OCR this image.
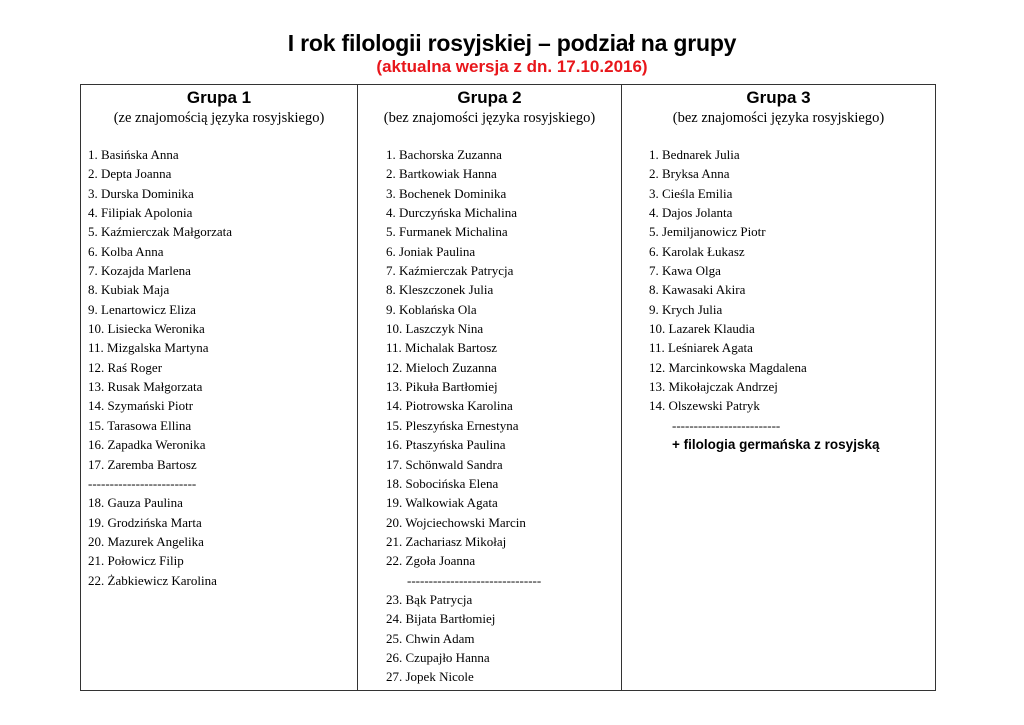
I rok filologii rosyjskiej – podział na grupy
(aktualna wersja z dn. 17.10.2016)
Grupa 1
(ze znajomością języka rosyjskiego)
1. Basińska Anna
2. Depta Joanna
3. Durska Dominika
4. Filipiak Apolonia
5. Kaźmierczak Małgorzata
6. Kolba Anna
7. Kozajda Marlena
8. Kubiak Maja
9. Lenartowicz Eliza
10. Lisiecka Weronika
11. Mizgalska Martyna
12. Raś Roger
13. Rusak Małgorzata
14. Szymański Piotr
15. Tarasowa Ellina
16. Zapadka Weronika
17. Zaremba Bartosz
-------------------------
18. Gauza Paulina
19. Grodzińska Marta
20. Mazurek Angelika
21. Połowicz Filip
22. Żabkiewicz Karolina

Grupa 2
(bez znajomości języka rosyjskiego)
1. Bachorska Zuzanna
2. Bartkowiak Hanna
3. Bochenek Dominika
4. Durczyńska Michalina
5. Furmanek Michalina
6. Joniak Paulina
7. Kaźmierczak Patrycja
8. Kleszczonek Julia
9. Koblańska Ola
10. Laszczyk Nina
11. Michalak Bartosz
12. Mieloch Zuzanna
13. Pikuła Bartłomiej
14. Piotrowska Karolina
15. Pleszyńska Ernestyna
16. Ptaszyńska Paulina
17. Schönwald Sandra
18. Sobocińska Elena
19. Walkowiak Agata
20. Wojciechowski Marcin
21. Zachariasz Mikołaj
22. Zgoła Joanna
-------------------------------
23. Bąk Patrycja
24. Bijata Bartłomiej
25. Chwin Adam
26. Czupajło Hanna
27. Jopek Nicole

Grupa 3
(bez znajomości języka rosyjskiego)
1. Bednarek Julia
2. Bryksa Anna
3. Cieśla Emilia
4. Dajos Jolanta
5. Jemiljanowicz Piotr
6. Karolak Łukasz
7. Kawa Olga
8. Kawasaki Akira
9. Krych Julia
10. Lazarek Klaudia
11. Leśniarek Agata
12. Marcinkowska Magdalena
13. Mikołajczak Andrzej
14. Olszewski Patryk
-------------------------
+ filologia germańska z rosyjską
